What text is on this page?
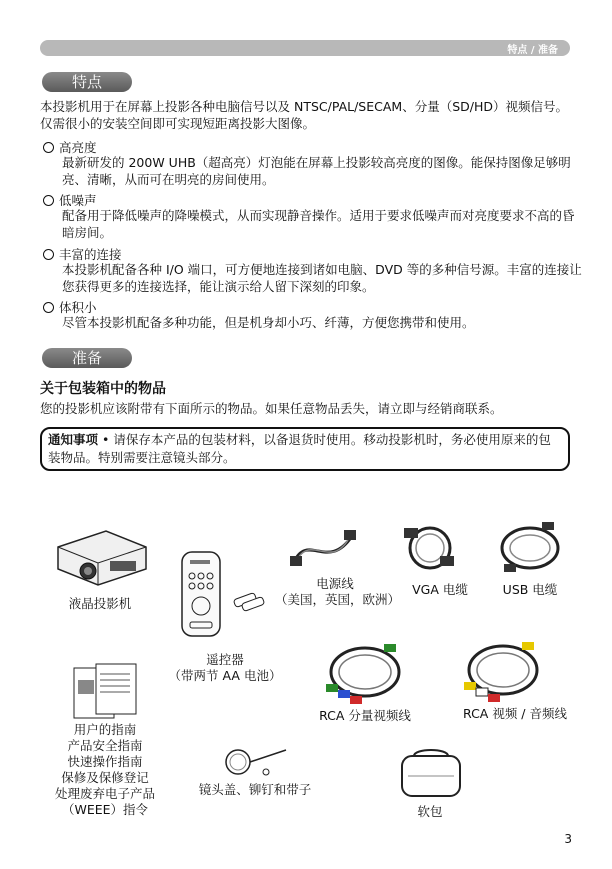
特点 / 准备
特点
本投影机用于在屏幕上投影各种电脑信号以及 NTSC/PAL/SECAM、分量（SD/HD）视频信号。 仅需很小的安装空间即可实现短距离投影大图像。
高亮度
最新研发的 200W UHB（超高亮）灯泡能在屏幕上投影较高亮度的图像。能保持图像足够明亮、清晰，从而可在明亮的房间使用。
低噪声
配备用于降低噪声的降噪模式，从而实现静音操作。适用于要求低噪声而对亮度要求不高的昏暗房间。
丰富的连接
本投影机配备各种 I/O 端口，可方便地连接到诸如电脑、DVD 等的多种信号源。丰富的连接让您获得更多的连接选择，能让演示给人留下深刻的印象。
体积小
尽管本投影机配备多种功能，但是机身却小巧、纤薄，方便您携带和使用。
准备
关于包装箱中的物品
您的投影机应该附带有下面所示的物品。如果任意物品丢失，请立即与经销商联系。
通知事项 • 请保存本产品的包装材料，以备退货时使用。移动投影机时，务必使用原来的包装物品。特别需要注意镜头部分。
液晶投影机
遥控器
（带两节 AA 电池）
电源线
（美国，英国，欧洲）
VGA 电缆	USB 电缆
RCA 分量视频线	RCA 视频 / 音频线
用户的指南
产品安全指南
快速操作指南
保修及保修登记
处理废弃电子产品
（WEEE）指令
镜头盖、铆钉和带子
软包
3
